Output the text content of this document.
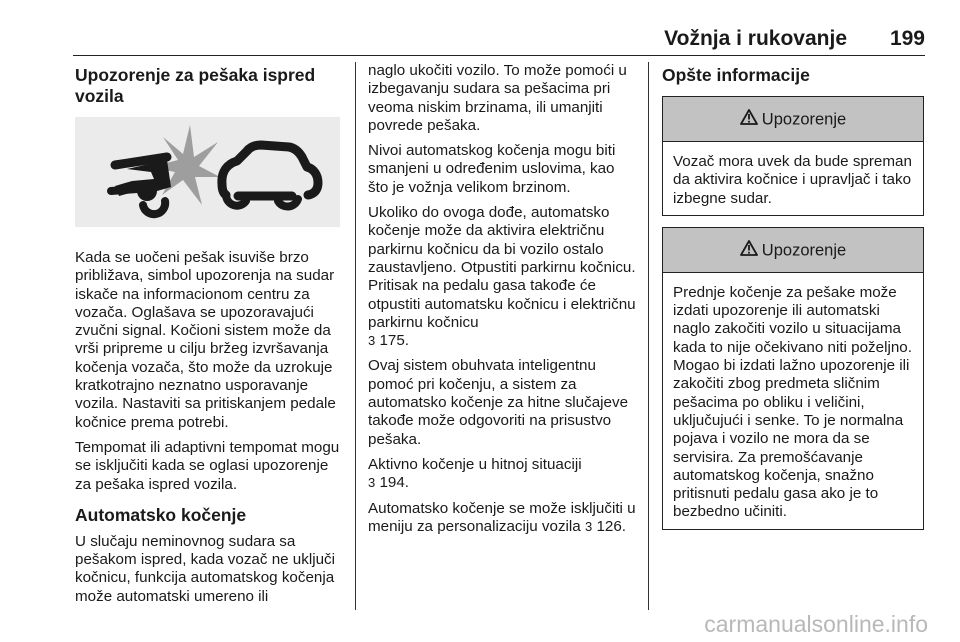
Vožnja i rukovanje 199
Upozorenje za pešaka ispred vozila

Kada se uočeni pešak isuviše brzo približava, simbol upozorenja na sudar iskače na informacionom centru za vozača. Oglašava se upozoravajući zvučni signal. Kočioni sistem može da vrši pripreme u cilju bržeg izvršavanja kočenja vozača, što može da uzrokuje kratkotrajno neznatno usporavanje vozila. Nastaviti sa pritiskanjem pedale kočnice prema potrebi.

Tempomat ili adaptivni tempomat mogu se isključiti kada se oglasi upozorenje za pešaka ispred vozila.

Automatsko kočenje

U slučaju neminovnog sudara sa pešakom ispred, kada vozač ne uključi kočnicu, funkcija automatskog kočenja može automatski umereno ili

naglo ukočiti vozilo. To može pomoći u izbegavanju sudara sa pešacima pri veoma niskim brzinama, ili umanjiti povrede pešaka.

Nivoi automatskog kočenja mogu biti smanjeni u određenim uslovima, kao što je vožnja velikom brzinom.

Ukoliko do ovoga dođe, automatsko kočenje može da aktivira električnu parkirnu kočnicu da bi vozilo ostalo zaustavljeno. Otpustiti parkirnu kočnicu. Pritisak na pedalu gasa takođe će otpustiti automatsku kočnicu i električnu parkirnu kočnicu
3 175.

Ovaj sistem obuhvata inteligentnu pomoć pri kočenju, a sistem za automatsko kočenje za hitne slučajeve takođe može odgovoriti na prisustvo pešaka.

Aktivno kočenje u hitnoj situaciji
3 194.

Automatsko kočenje se može isključiti u meniju za personalizaciju vozila 3 126.

Opšte informacije
Upozorenje
Vozač mora uvek da bude spreman da aktivira kočnice i upravljač i tako izbegne sudar.
Upozorenje
Prednje kočenje za pešake može izdati upozorenje ili automatski naglo zakočiti vozilo u situacijama kada to nije očekivano niti poželjno. Mogao bi izdati lažno upozorenje ili zakočiti zbog predmeta sličnim pešacima po obliku i veličini, uključujući i senke. To je normalna pojava i vozilo ne mora da se servisira. Za premošćavanje automatskog kočenja, snažno pritisnuti pedalu gasa ako je to bezbedno učiniti.
carmanualsonline.info
